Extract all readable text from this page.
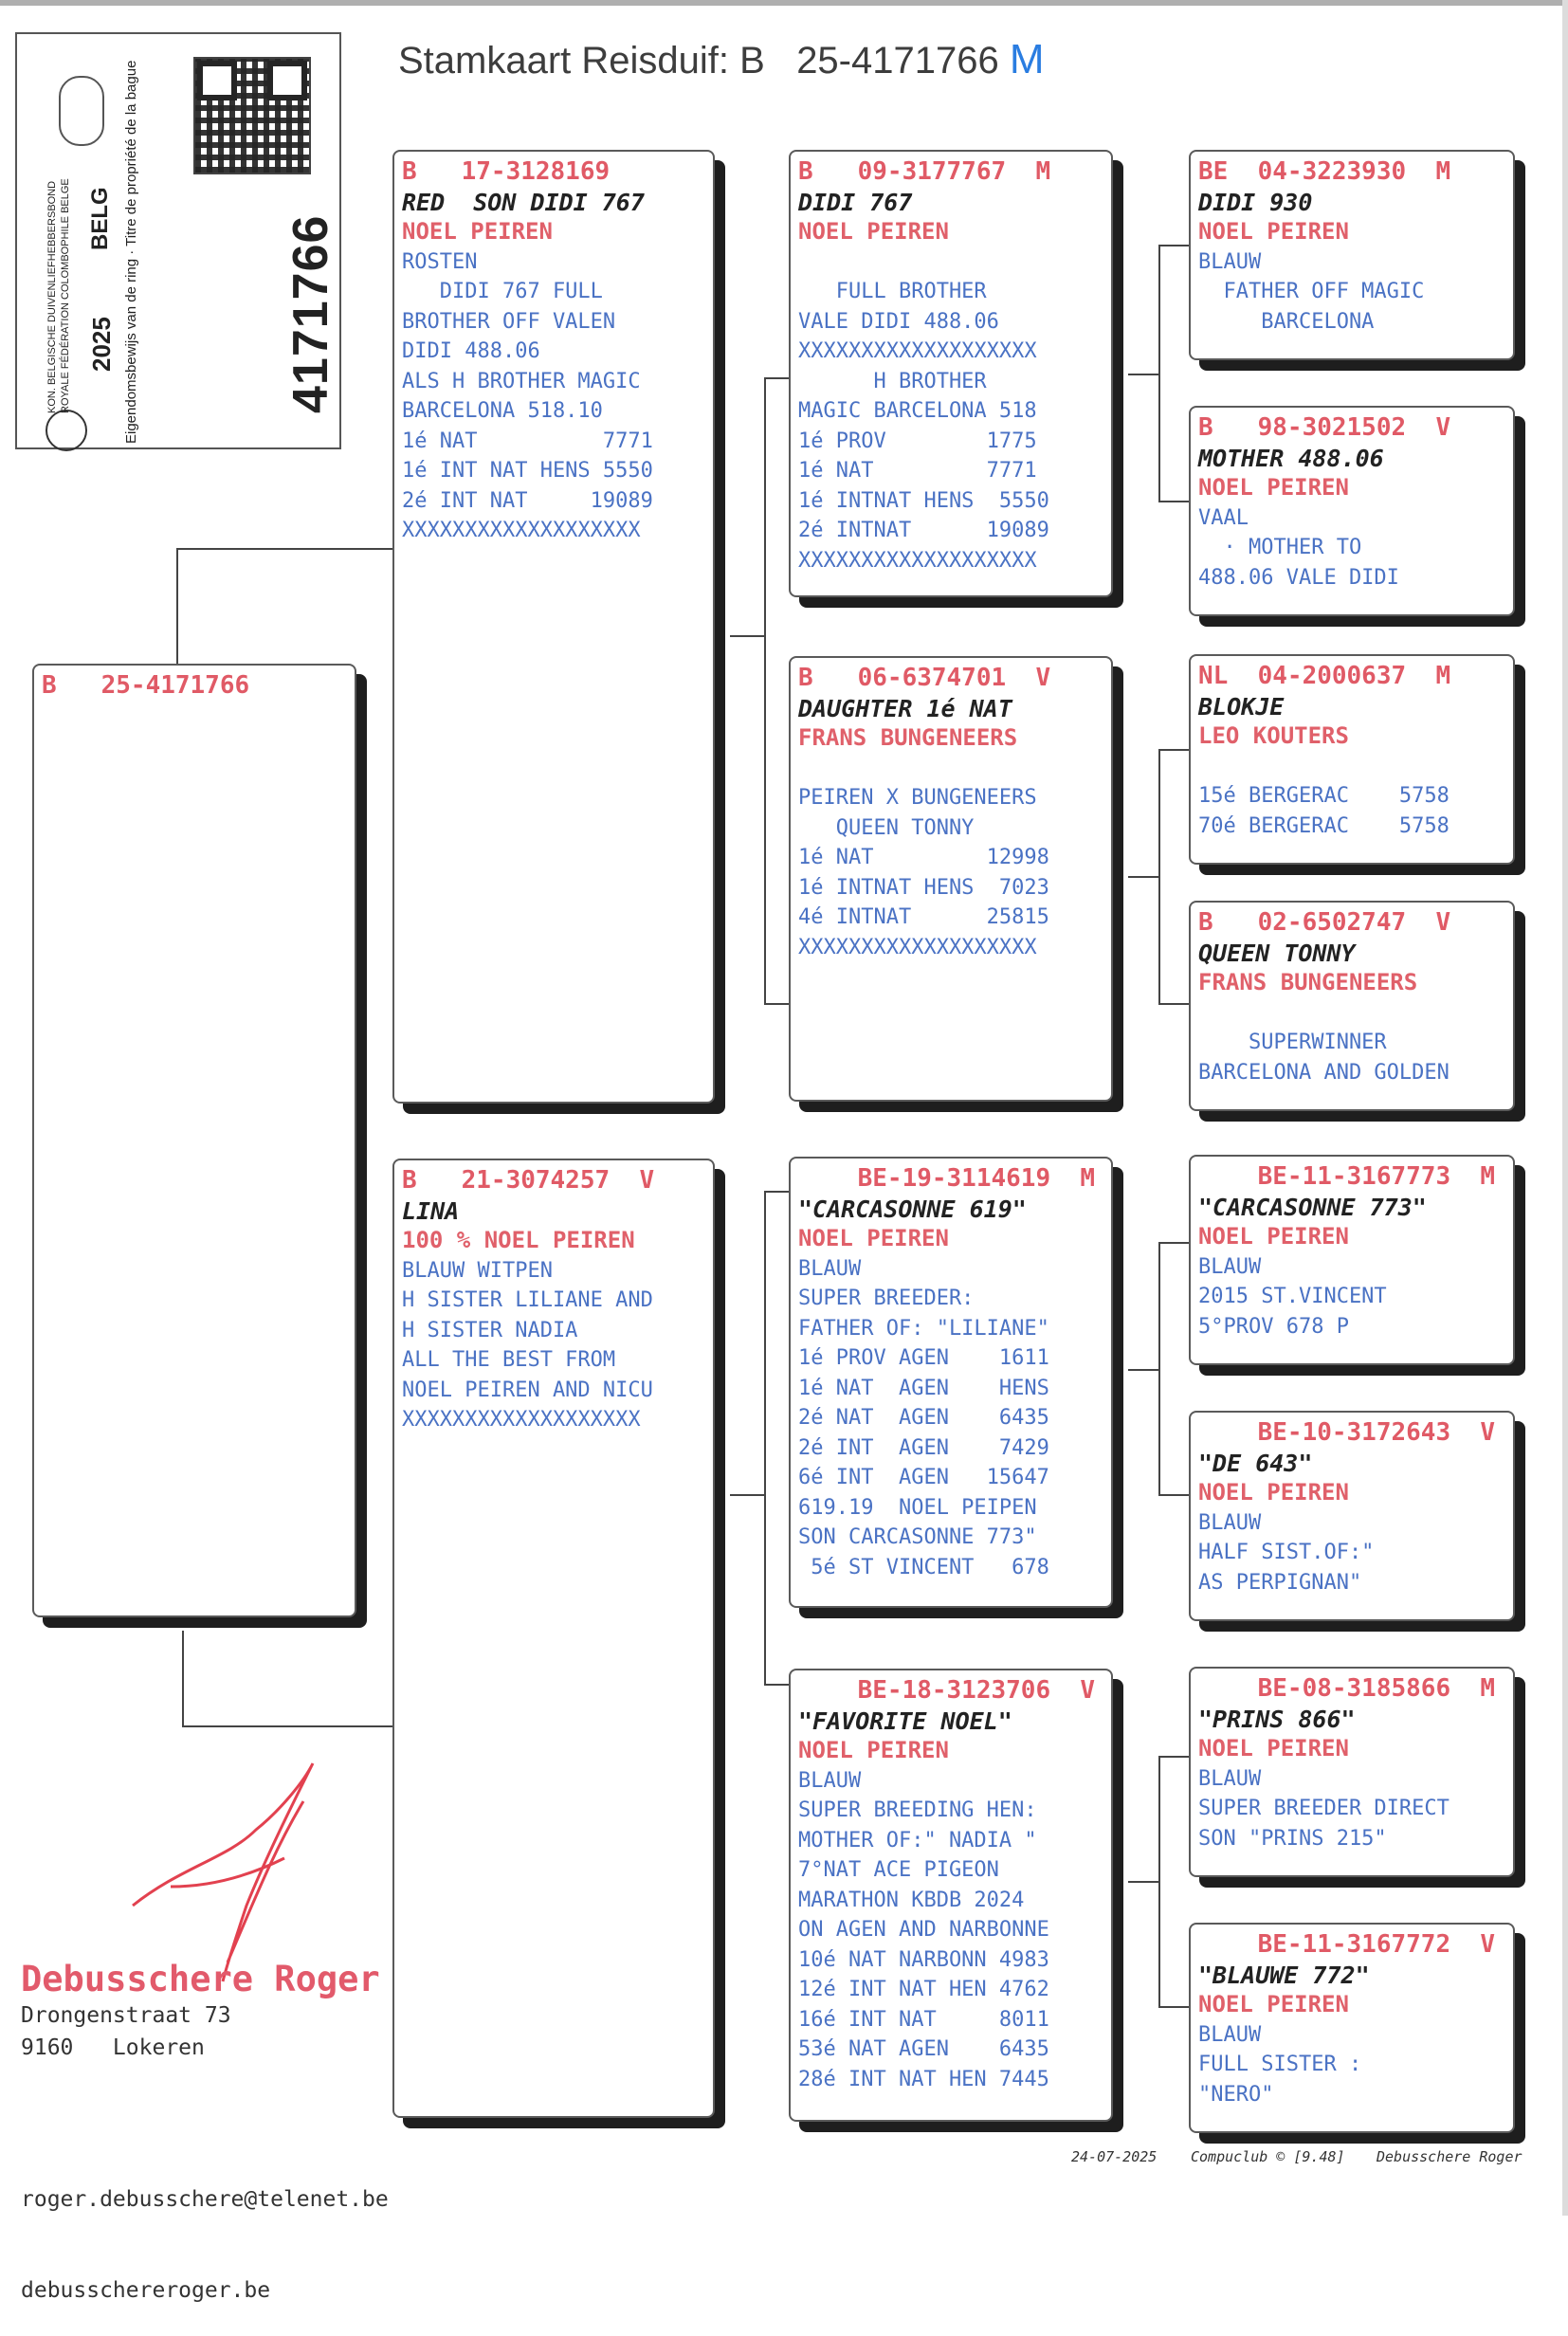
KON. BELGISCHE DUIVENLIEFHEBBERSBOND ROYALE FÉDÉRATION COLOMBOPHILE BELGE 2025
BELG Eigendomsbewijs van de ring · Titre de propriété de la bague	4171766
Stamkaart Reisduif: B 25-4171766 M
B   25-4171766
B   17-3128169
RED  SON DIDI 767
NOEL PEIREN
ROSTEN
DIDI 767 FULL
BROTHER OFF VALEN
DIDI 488.06
ALS H BROTHER MAGIC
BARCELONA 518.10
1é NAT          7771
1é INT NAT HENS 5550
2é INT NAT     19089
XXXXXXXXXXXXXXXXXXX
B   21-3074257  V
LINA
100 % NOEL PEIREN
BLAUW WITPEN
H SISTER LILIANE AND
H SISTER NADIA
ALL THE BEST FROM
NOEL PEIREN AND NICU
XXXXXXXXXXXXXXXXXXX
B   09-3177767  M
DIDI 767
NOEL PEIREN
FULL BROTHER
VALE DIDI 488.06
XXXXXXXXXXXXXXXXXXX
H BROTHER
MAGIC BARCELONA 518
1é PROV        1775
1é NAT         7771
1é INTNAT HENS  5550
2é INTNAT      19089
XXXXXXXXXXXXXXXXXXX
B   06-6374701  V
DAUGHTER 1é NAT
FRANS BUNGENEERS
PEIREN X BUNGENEERS
QUEEN TONNY
1é NAT         12998
1é INTNAT HENS  7023
4é INTNAT      25815
XXXXXXXXXXXXXXXXXXX
BE-19-3114619  M
"CARCASONNE 619"
NOEL PEIREN
BLAUW
SUPER BREEDER:
FATHER OF: "LILIANE"
1é PROV AGEN    1611
1é NAT  AGEN    HENS
2é NAT  AGEN    6435
2é INT  AGEN    7429
6é INT  AGEN   15647
619.19  NOEL PEIPEN
SON CARCASONNE 773"
5é ST VINCENT   678
BE-18-3123706  V
"FAVORITE NOEL"
NOEL PEIREN
BLAUW
SUPER BREEDING HEN:
MOTHER OF:" NADIA "
7°NAT ACE PIGEON
MARATHON KBDB 2024
ON AGEN AND NARBONNE
10é NAT NARBONN 4983
12é INT NAT HEN 4762
16é INT NAT     8011
53é NAT AGEN    6435
28é INT NAT HEN 7445
BE  04-3223930  M
DIDI 930
NOEL PEIREN
BLAUW
FATHER OFF MAGIC
BARCELONA
B   98-3021502  V
MOTHER 488.06
NOEL PEIREN
VAAL
· MOTHER TO
488.06 VALE DIDI
NL  04-2000637  M
BLOKJE
LEO KOUTERS
15é BERGERAC    5758
70é BERGERAC    5758
B   02-6502747  V
QUEEN TONNY
FRANS BUNGENEERS
SUPERWINNER
BARCELONA AND GOLDEN
BE-11-3167773  M
"CARCASONNE 773"
NOEL PEIREN
BLAUW
2015 ST.VINCENT
5°PROV 678 P
BE-10-3172643  V
"DE 643"
NOEL PEIREN
BLAUW
HALF SIST.OF:"
AS PERPIGNAN"
BE-08-3185866  M
"PRINS 866"
NOEL PEIREN
BLAUW
SUPER BREEDER DIRECT
SON "PRINS 215"
BE-11-3167772  V
"BLAUWE 772"
NOEL PEIREN
BLAUW
FULL SISTER :
"NERO"
Debusschere Roger
Drongenstraat 73
9160   Lokeren

roger.debusschere@telenet.be

debusschereroger.be

24-07-2025 Compuclub © [9.48] Debusschere Roger
